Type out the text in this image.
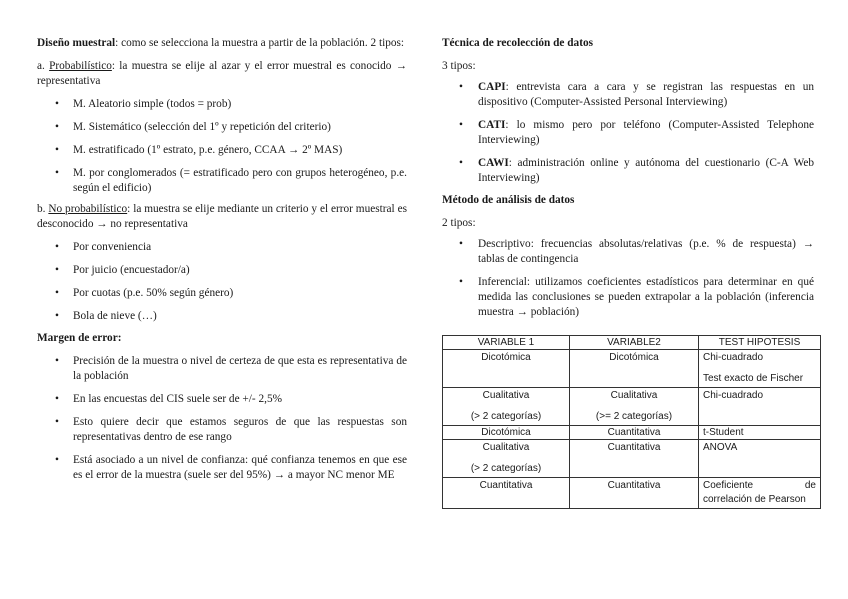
Diseño muestral: como se selecciona la muestra a partir de la población. 2 tipos:

a. Probabilístico: la muestra se elije al azar y el error muestral es conocido → representativa

• M. Aleatorio simple (todos = prob)
• M. Sistemático (selección del 1º y repetición del criterio)
• M. estratificado (1º estrato, p.e. género, CCAA → 2º MAS)
• M. por conglomerados (= estratificado pero con grupos heterogéneo, p.e. según el edificio)

b. No probabilístico: la muestra se elije mediante un criterio y el error muestral es desconocido → no representativa

• Por conveniencia
• Por juicio (encuestador/a)
• Por cuotas (p.e. 50% según género)
• Bola de nieve (…)

Margen de error:

• Precisión de la muestra o nivel de certeza de que esta es representativa de la población
• En las encuestas del CIS suele ser de +/- 2,5%
• Esto quiere decir que estamos seguros de que las respuestas son representativas dentro de ese rango
• Está asociado a un nivel de confianza: qué confianza tenemos en que ese es el error de la muestra (suele ser del 95%) → a mayor NC menor ME

Técnica de recolección de datos

3 tipos:

• CAPI: entrevista cara a cara y se registran las respuestas en un dispositivo (Computer-Assisted Personal Interviewing)
• CATI: lo mismo pero por teléfono (Computer-Assisted Telephone Interviewing)
• CAWI: administración online y autónoma del cuestionario (C-A Web Interviewing)

Método de análisis de datos

2 tipos:

• Descriptivo: frecuencias absolutas/relativas (p.e. % de respuesta) → tablas de contingencia
• Inferencial: utilizamos coeficientes estadísticos para determinar en qué medida las conclusiones se pueden extrapolar a la población (inferencia muestra → población)
VARIABLE 1	VARIABLE2	TEST HIPOTESIS
Dicotómica	Dicotómica	Chi-cuadrado
Test exacto de Fischer
Cualitativa
(> 2 categorías)	Cualitativa
(>= 2 categorías)	Chi-cuadrado
Dicotómica	Cuantitativa	t-Student
Cualitativa
(> 2 categorías)	Cuantitativa	ANOVA
Cuantitativa	Cuantitativa	Coeficiente de
correlación de Pearson
